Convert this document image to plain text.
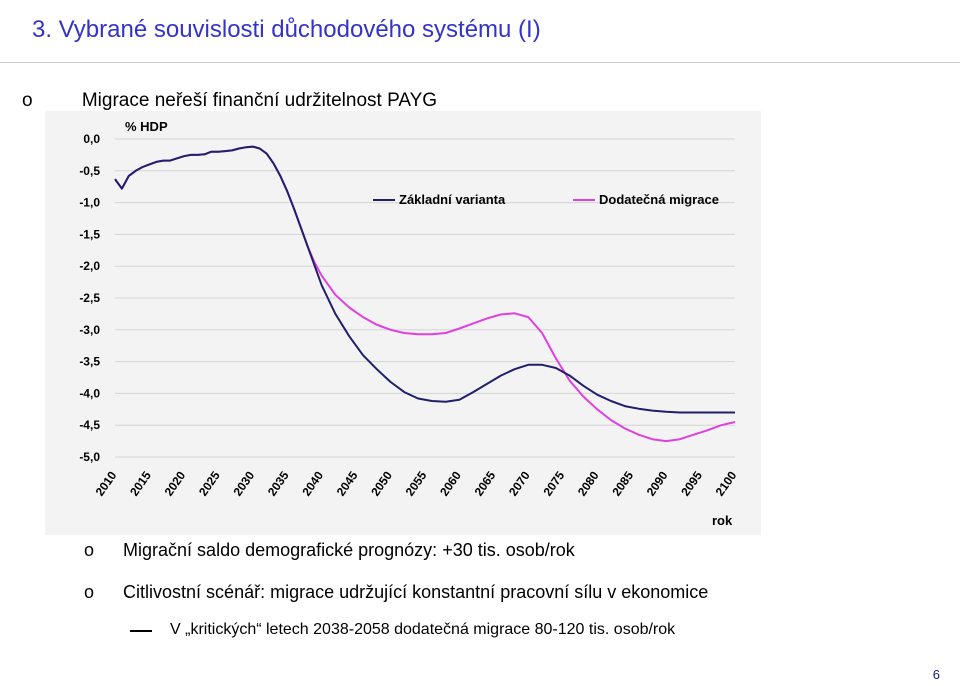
3. Vybrané souvislosti důchodového systému (I)
o	Migrace neřeší finanční udržitelnost PAYG
0,0
-0,5
-1,0
-1,5
-2,0
-2,5
-3,0
-3,5
-4,0
-4,5
-5,0
2010 2015 2020 2025 2030 2035 2040 2045 2050 2055 2060 2065 2070 2075 2080 2085 2090 2095 2100
% HDP
rok
Základní varianta	Dodatečná migrace
o Migrační saldo demografické prognózy: +30 tis. osob/rok
o Citlivostní scénář: migrace udržující konstantní pracovní sílu v ekonomice
V „kritických“ letech 2038-2058 dodatečná migrace 80-120 tis. osob/rok
6
